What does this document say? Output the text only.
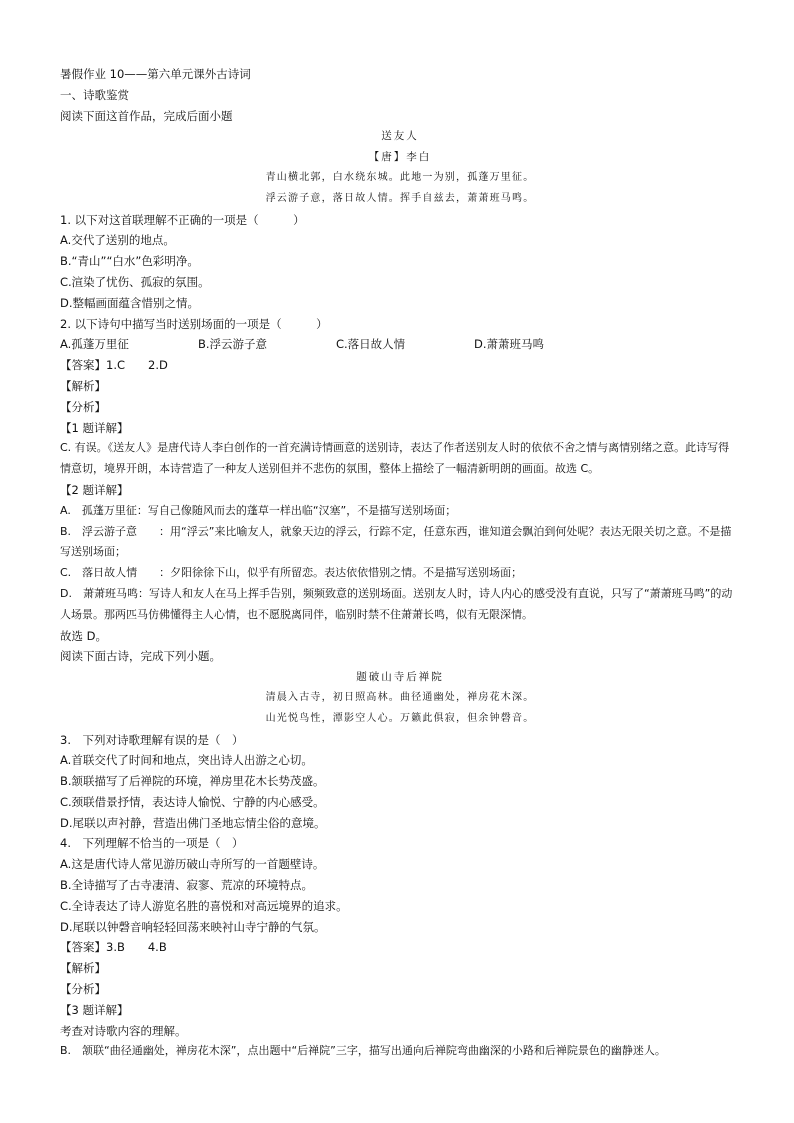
暑假作业 10——第六单元课外古诗词
一、诗歌鉴赏
阅读下面这首作品，完成后面小题
送友人
【唐】李白
青山横北郭，白水绕东城。此地一为别，孤蓬万里征。
浮云游子意，落日故人情。挥手自兹去，萧萧班马鸣。
1. 以下对这首联理解不正确的一项是（　　　）
A.交代了送别的地点。
B.“青山”“白水”色彩明净。
C.渲染了忧伤、孤寂的氛围。
D.整幅画面蕴含惜别之情。
2. 以下诗句中描写当时送别场面的一项是（　　　）
A.孤蓬万里征	B.浮云游子意	C.落日故人情	D.萧萧班马鸣
【答案】1.C　　2.D
【解析】
【分析】
【1 题详解】
C. 有误。《送友人》是唐代诗人李白创作的一首充满诗情画意的送别诗，表达了作者送别友人时的依依不舍之情与离情别绪之意。此诗写得情意切，境界开朗，本诗营造了一种友人送别但并不悲伤的氛围，整体上描绘了一幅清新明朗的画面。故选 C。
【2 题详解】
A.　孤蓬万里征：写自己像随风而去的蓬草一样出临“汉塞”，不是描写送别场面；
B.　浮云游子意　　：用“浮云”来比喻友人，就象天边的浮云，行踪不定，任意东西，谁知道会飘泊到何处呢？表达无限关切之意。不是描写送别场面；
C.　落日故人情　　：夕阳徐徐下山，似乎有所留恋。表达依依惜别之情。不是描写送别场面；
D.　萧萧班马鸣：写诗人和友人在马上挥手告别，频频致意的送别场面。送别友人时，诗人内心的感受没有直说，只写了“萧萧班马鸣”的动人场景。那两匹马仿佛懂得主人心情，也不愿脱离同伴，临别时禁不住萧萧长鸣，似有无限深情。
故选 D。
阅读下面古诗，完成下列小题。
题破山寺后禅院
清晨入古寺，初日照高林。曲径通幽处，禅房花木深。
山光悦鸟性，潭影空人心。万籁此俱寂，但余钟磬音。
3.　下列对诗歌理解有误的是（　）
A.首联交代了时间和地点，突出诗人出游之心切。
B.颔联描写了后禅院的环境，禅房里花木长势茂盛。
C.颈联借景抒情，表达诗人愉悦、宁静的内心感受。
D.尾联以声衬静，营造出佛门圣地忘情尘俗的意境。
4.　下列理解不恰当的一项是（　）
A.这是唐代诗人常见游历破山寺所写的一首题壁诗。
B.全诗描写了古寺凄清、寂寥、荒凉的环境特点。
C.全诗表达了诗人游览名胜的喜悦和对高远境界的追求。
D.尾联以钟磬音响轻轻回荡来映衬山寺宁静的气氛。
【答案】3.B　　4.B
【解析】
【分析】
【3 题详解】
考查对诗歌内容的理解。
B.　颔联“曲径通幽处，禅房花木深”，点出题中“后禅院”三字，描写出通向后禅院弯曲幽深的小路和后禅院景色的幽静迷人。
